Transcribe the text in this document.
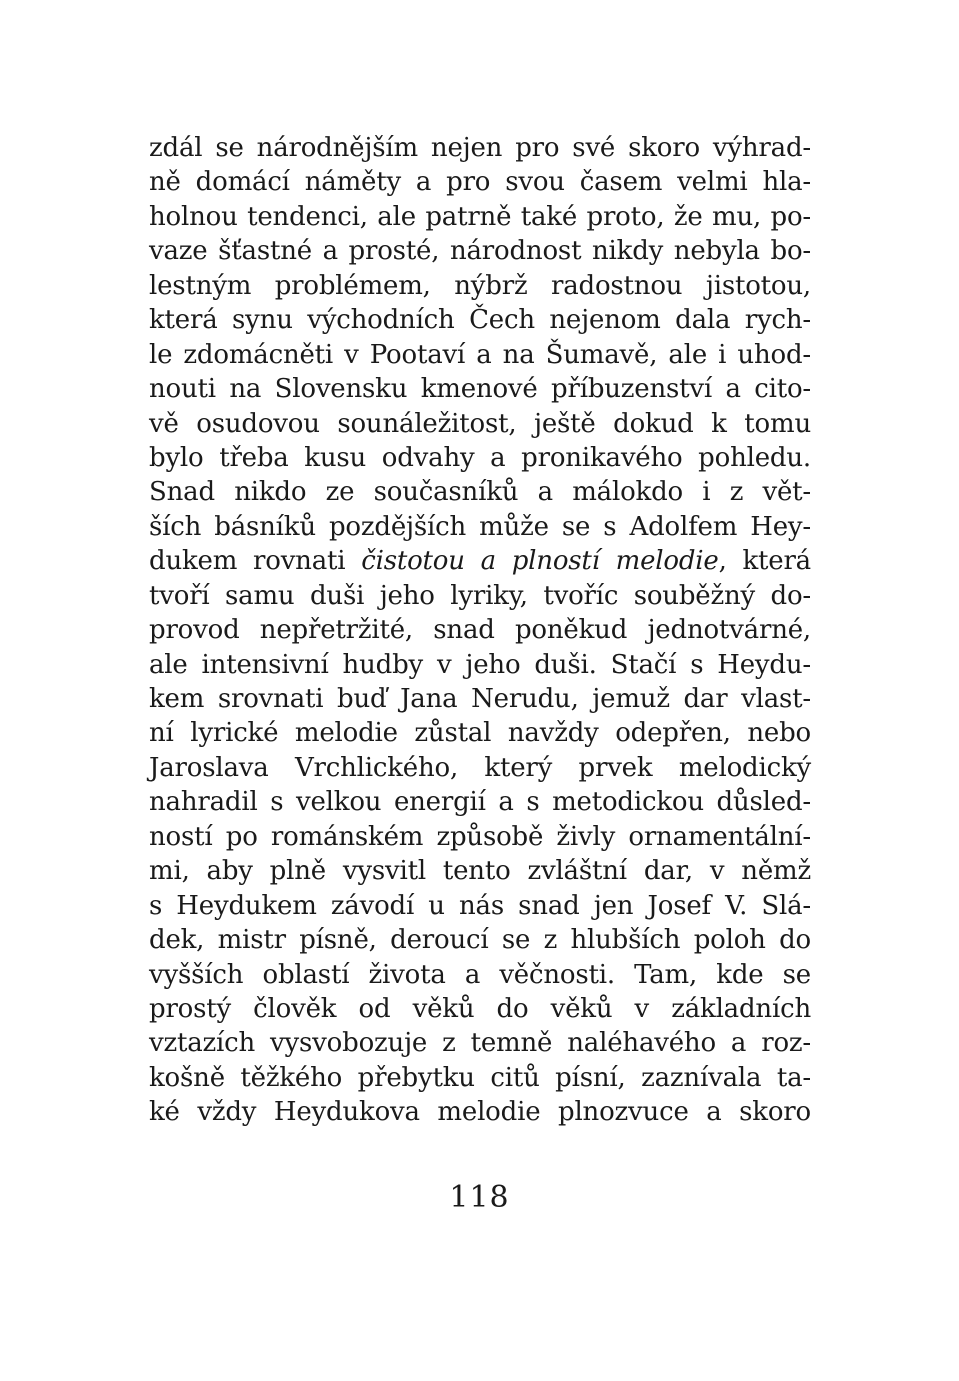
zdál se národnějším nejen pro své skoro výhrad-
ně domácí náměty a pro svou časem velmi hla-
holnou tendenci, ale patrně také proto, že mu, po-
vaze šťastné a prosté, národnost nikdy nebyla bo-
lestným problémem, nýbrž radostnou jistotou,
která synu východních Čech nejenom dala rych-
le zdomácněti v Pootaví a na Šumavě, ale i uhod-
nouti na Slovensku kmenové příbuzenství a cito-
vě osudovou sounáležitost, ještě dokud k tomu
bylo třeba kusu odvahy a pronikavého pohledu.
Snad nikdo ze současníků a málokdo i z vět-
ších básníků pozdějších může se s Adolfem Hey-
dukem rovnati čistotou a plností melodie, která
tvoří samu duši jeho lyriky, tvoříc souběžný do-
provod nepřetržité, snad poněkud jednotvárné,
ale intensivní hudby v jeho duši. Stačí s Heydu-
kem srovnati buď Jana Nerudu, jemuž dar vlast-
ní lyrické melodie zůstal navždy odepřen, nebo
Jaroslava Vrchlického, který prvek melodický
nahradil s velkou energií a s metodickou důsled-
ností po románském způsobě živly ornamentální-
mi, aby plně vysvitl tento zvláštní dar, v němž
s Heydukem závodí u nás snad jen Josef V. Slá-
dek, mistr písně, deroucí se z hlubších poloh do
vyšších oblastí života a věčnosti. Tam, kde se
prostý člověk od věků do věků v základních
vztazích vysvobozuje z temně naléhavého a roz-
košně těžkého přebytku citů písní, zaznívala ta-
ké vždy Heydukova melodie plnozvuce a skoro
118
